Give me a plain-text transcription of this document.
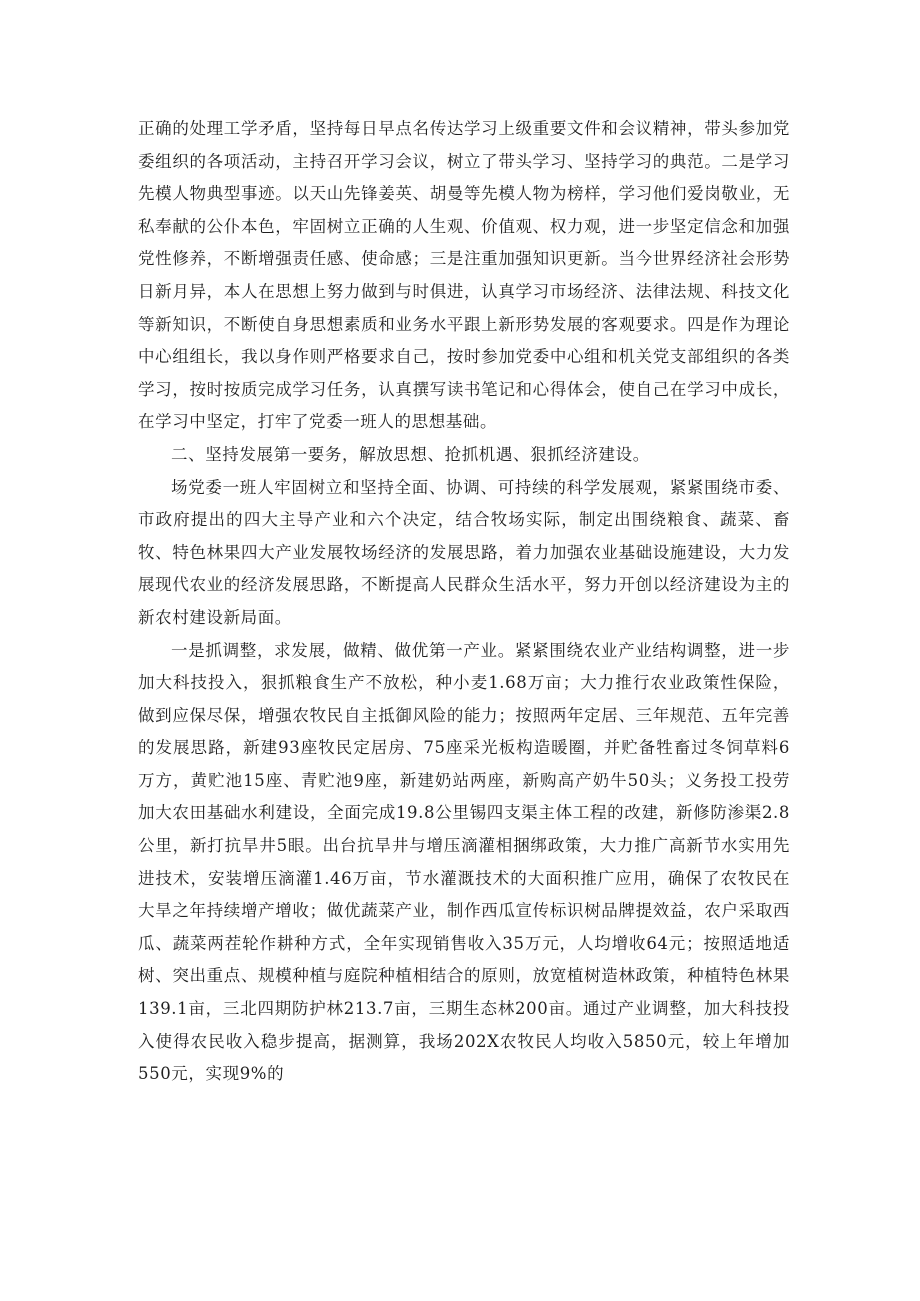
正确的处理工学矛盾，坚持每日早点名传达学习上级重要文件和会议精神，带头参加党委组织的各项活动，主持召开学习会议，树立了带头学习、坚持学习的典范。二是学习先模人物典型事迹。以天山先锋姜英、胡曼等先模人物为榜样，学习他们爱岗敬业，无私奉献的公仆本色，牢固树立正确的人生观、价值观、权力观，进一步坚定信念和加强党性修养，不断增强责任感、使命感；三是注重加强知识更新。当今世界经济社会形势日新月异，本人在思想上努力做到与时俱进，认真学习市场经济、法律法规、科技文化等新知识，不断使自身思想素质和业务水平跟上新形势发展的客观要求。四是作为理论中心组组长，我以身作则严格要求自己，按时参加党委中心组和机关党支部组织的各类学习，按时按质完成学习任务，认真撰写读书笔记和心得体会，使自己在学习中成长，在学习中坚定，打牢了党委一班人的思想基础。

二、坚持发展第一要务，解放思想、抢抓机遇、狠抓经济建设。

场党委一班人牢固树立和坚持全面、协调、可持续的科学发展观，紧紧围绕市委、市政府提出的四大主导产业和六个决定，结合牧场实际，制定出围绕粮食、蔬菜、畜牧、特色林果四大产业发展牧场经济的发展思路，着力加强农业基础设施建设，大力发展现代农业的经济发展思路，不断提高人民群众生活水平，努力开创以经济建设为主的新农村建设新局面。

一是抓调整，求发展，做精、做优第一产业。紧紧围绕农业产业结构调整，进一步加大科技投入，狠抓粮食生产不放松，种小麦1.68万亩；大力推行农业政策性保险，做到应保尽保，增强农牧民自主抵御风险的能力；按照两年定居、三年规范、五年完善的发展思路，新建93座牧民定居房、75座采光板构造暖圈，并贮备牲畜过冬饲草料6万方，黄贮池15座、青贮池9座，新建奶站两座，新购高产奶牛50头；义务投工投劳加大农田基础水利建设，全面完成19.8公里锡四支渠主体工程的改建，新修防渗渠2.8公里，新打抗旱井5眼。出台抗旱井与增压滴灌相捆绑政策，大力推广高新节水实用先进技术，安装增压滴灌1.46万亩，节水灌溉技术的大面积推广应用，确保了农牧民在大旱之年持续增产增收；做优蔬菜产业，制作西瓜宣传标识树品牌提效益，农户采取西瓜、蔬菜两茬轮作耕种方式，全年实现销售收入35万元，人均增收64元；按照适地适树、突出重点、规模种植与庭院种植相结合的原则，放宽植树造林政策，种植特色林果139.1亩，三北四期防护林213.7亩，三期生态林200亩。通过产业调整，加大科技投入使得农民收入稳步提高，据测算，我场202X农牧民人均收入5850元，较上年增加550元，实现9%的
